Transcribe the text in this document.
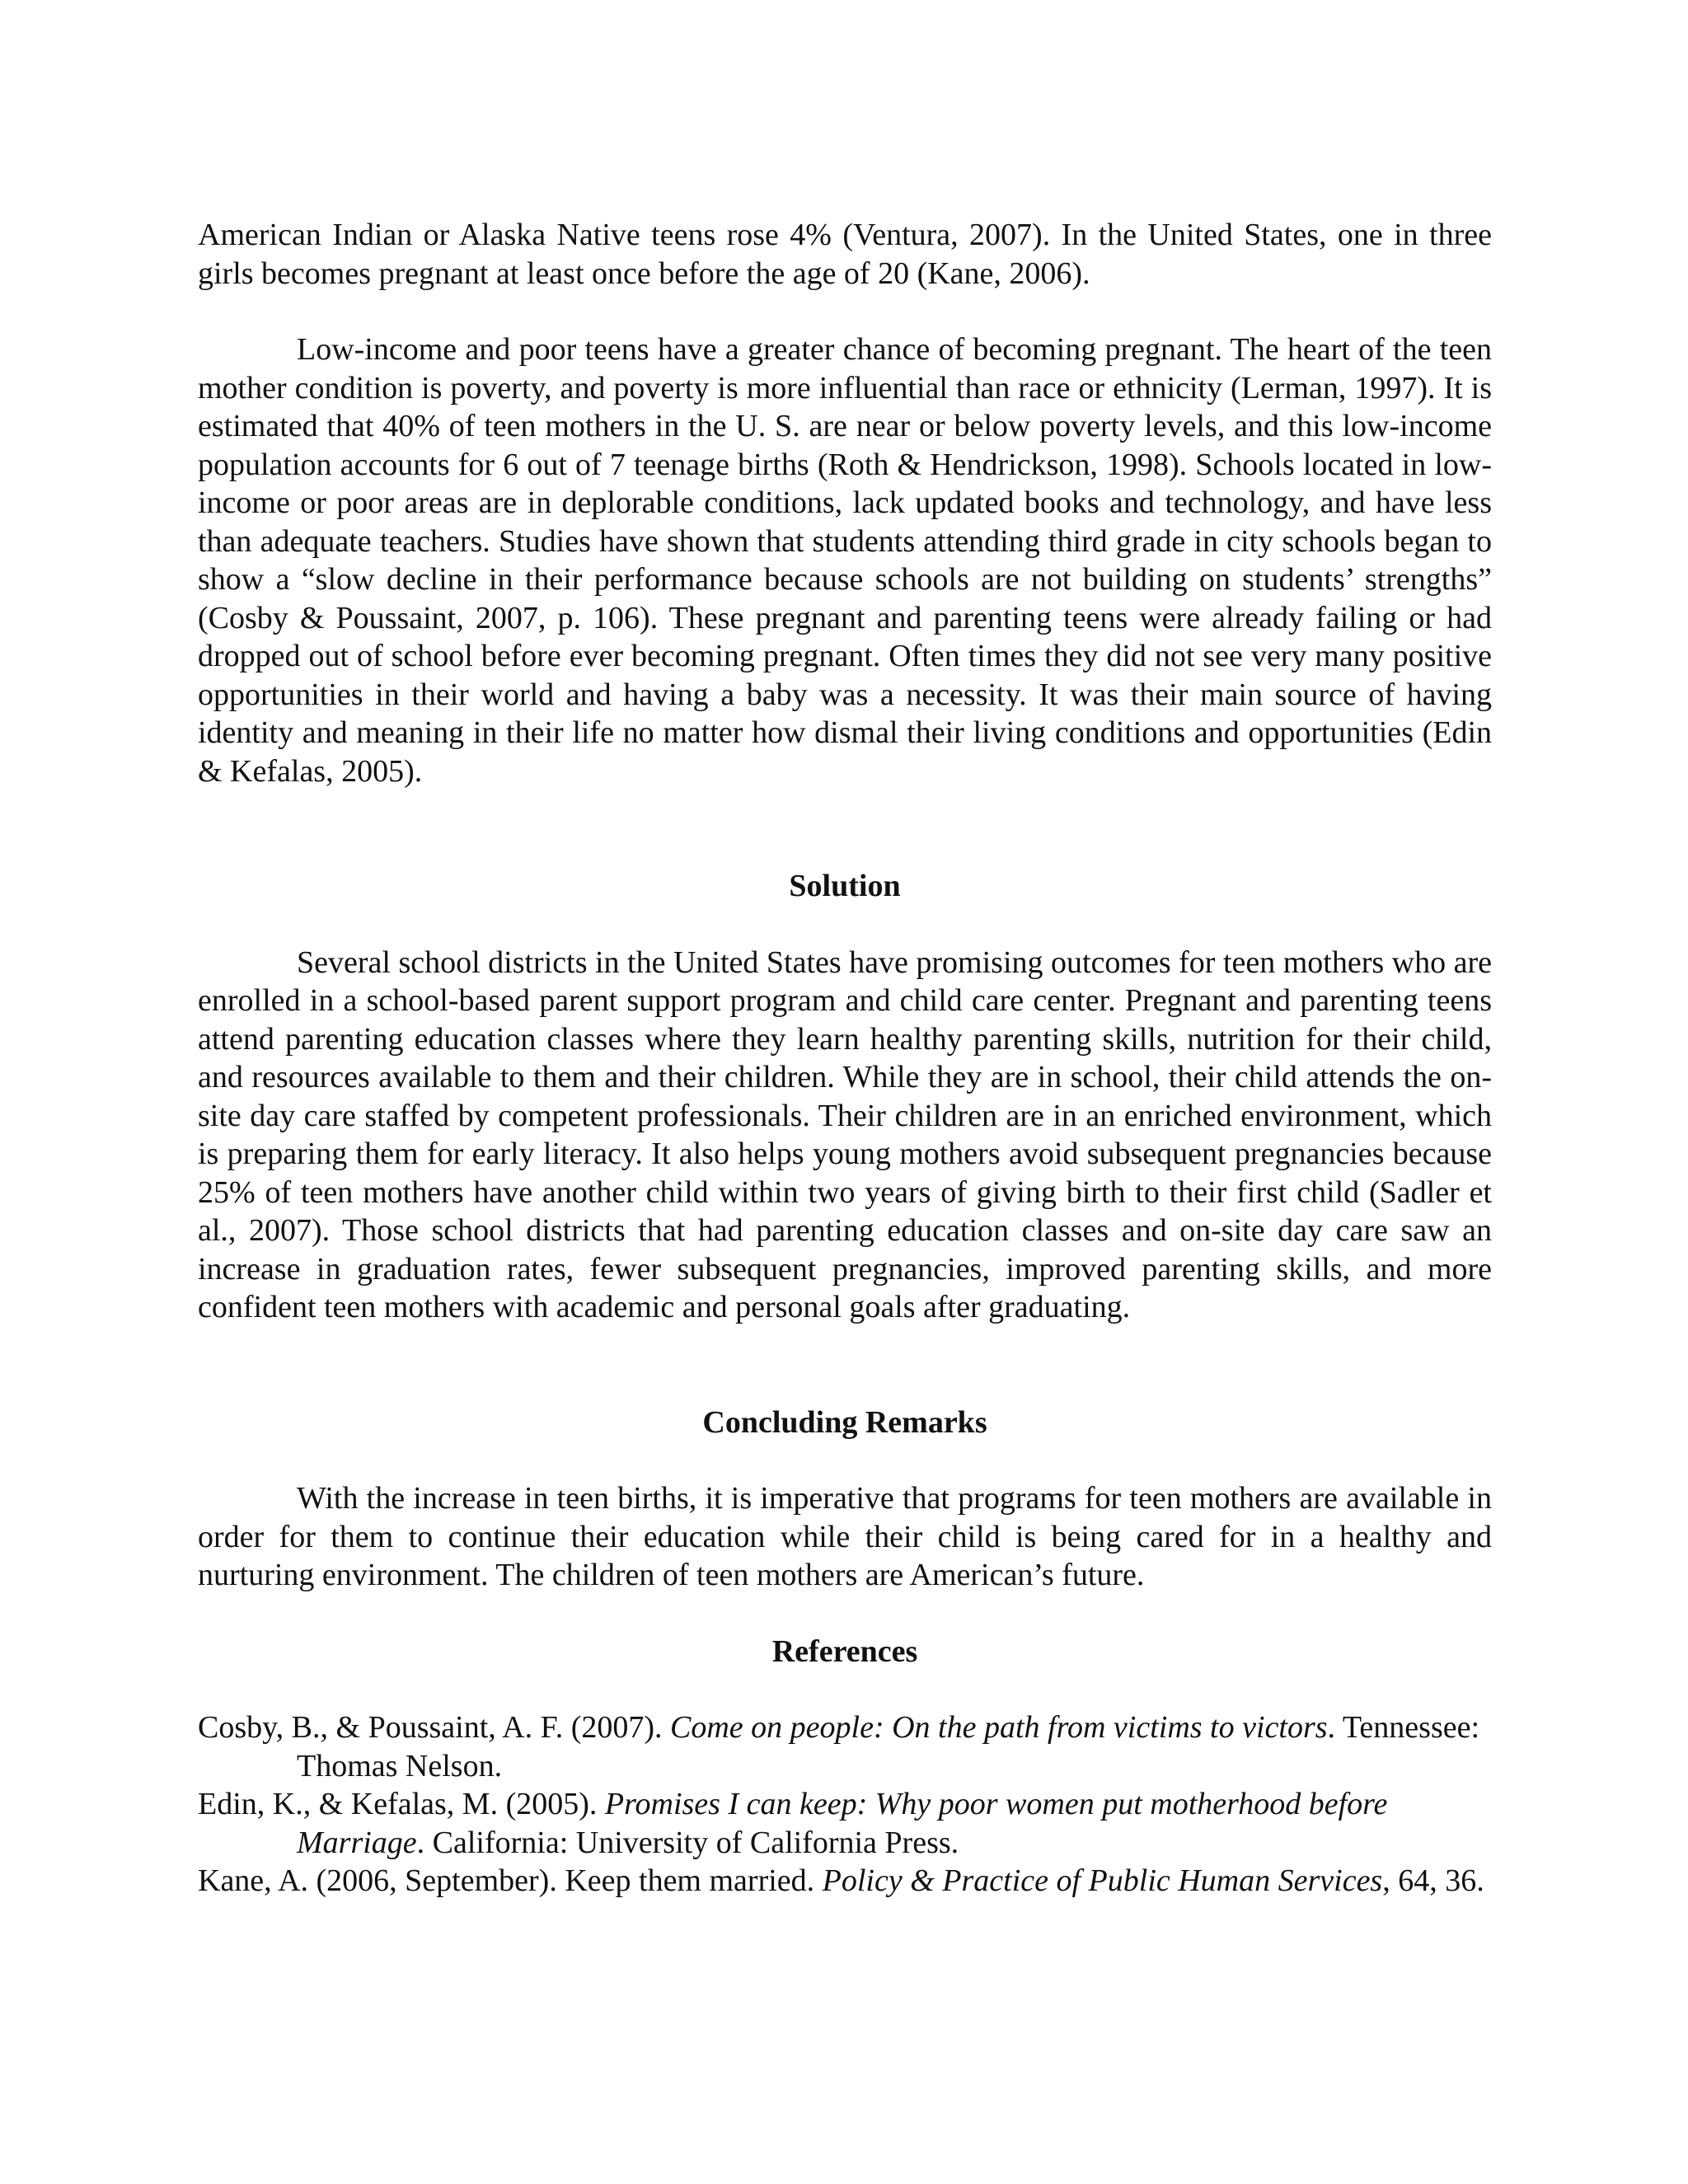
American Indian or Alaska Native teens rose 4% (Ventura, 2007). In the United States, one in three girls becomes pregnant at least once before the age of 20 (Kane, 2006).

Low-income and poor teens have a greater chance of becoming pregnant. The heart of the teen mother condition is poverty, and poverty is more influential than race or ethnicity (Lerman, 1997). It is estimated that 40% of teen mothers in the U. S. are near or below poverty levels, and this low-income population accounts for 6 out of 7 teenage births (Roth & Hendrickson, 1998). Schools located in low-income or poor areas are in deplorable conditions, lack updated books and technology, and have less than adequate teachers. Studies have shown that students attending third grade in city schools began to show a “slow decline in their performance because schools are not building on students’ strengths” (Cosby & Poussaint, 2007, p. 106). These pregnant and parenting teens were already failing or had dropped out of school before ever becoming pregnant. Often times they did not see very many positive opportunities in their world and having a baby was a necessity. It was their main source of having identity and meaning in their life no matter how dismal their living conditions and opportunities (Edin & Kefalas, 2005).

Solution

Several school districts in the United States have promising outcomes for teen mothers who are enrolled in a school-based parent support program and child care center. Pregnant and parenting teens attend parenting education classes where they learn healthy parenting skills, nutrition for their child, and resources available to them and their children. While they are in school, their child attends the on-site day care staffed by competent professionals. Their children are in an enriched environment, which is preparing them for early literacy. It also helps young mothers avoid subsequent pregnancies because 25% of teen mothers have another child within two years of giving birth to their first child (Sadler et al., 2007). Those school districts that had parenting education classes and on-site day care saw an increase in graduation rates, fewer subsequent pregnancies, improved parenting skills, and more confident teen mothers with academic and personal goals after graduating.

Concluding Remarks

With the increase in teen births, it is imperative that programs for teen mothers are available in order for them to continue their education while their child is being cared for in a healthy and nurturing environment. The children of teen mothers are American’s future.

References

Cosby, B., & Poussaint, A. F. (2007). Come on people: On the path from victims to victors. Tennessee: Thomas Nelson.

Edin, K., & Kefalas, M. (2005). Promises I can keep: Why poor women put motherhood before Marriage. California: University of California Press.

Kane, A. (2006, September). Keep them married. Policy & Practice of Public Human Services, 64, 36.
